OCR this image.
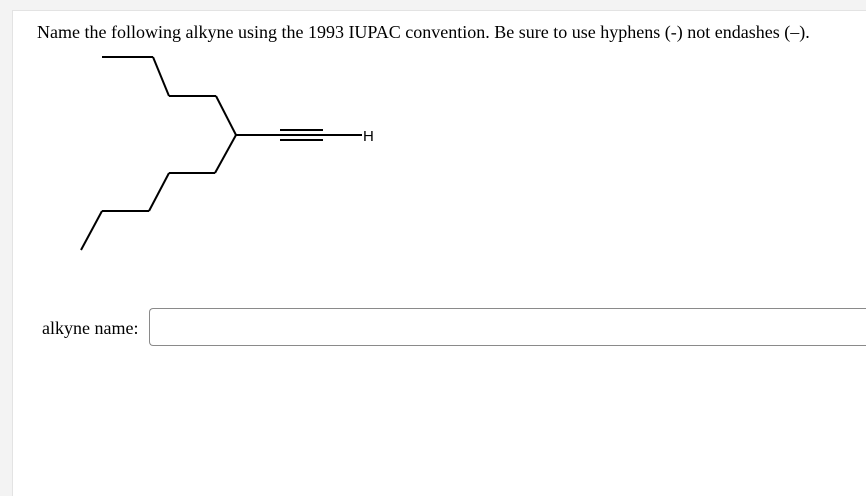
Name the following alkyne using the 1993 IUPAC convention. Be sure to use hyphens (-) not endashes (–).

H
alkyne name:
